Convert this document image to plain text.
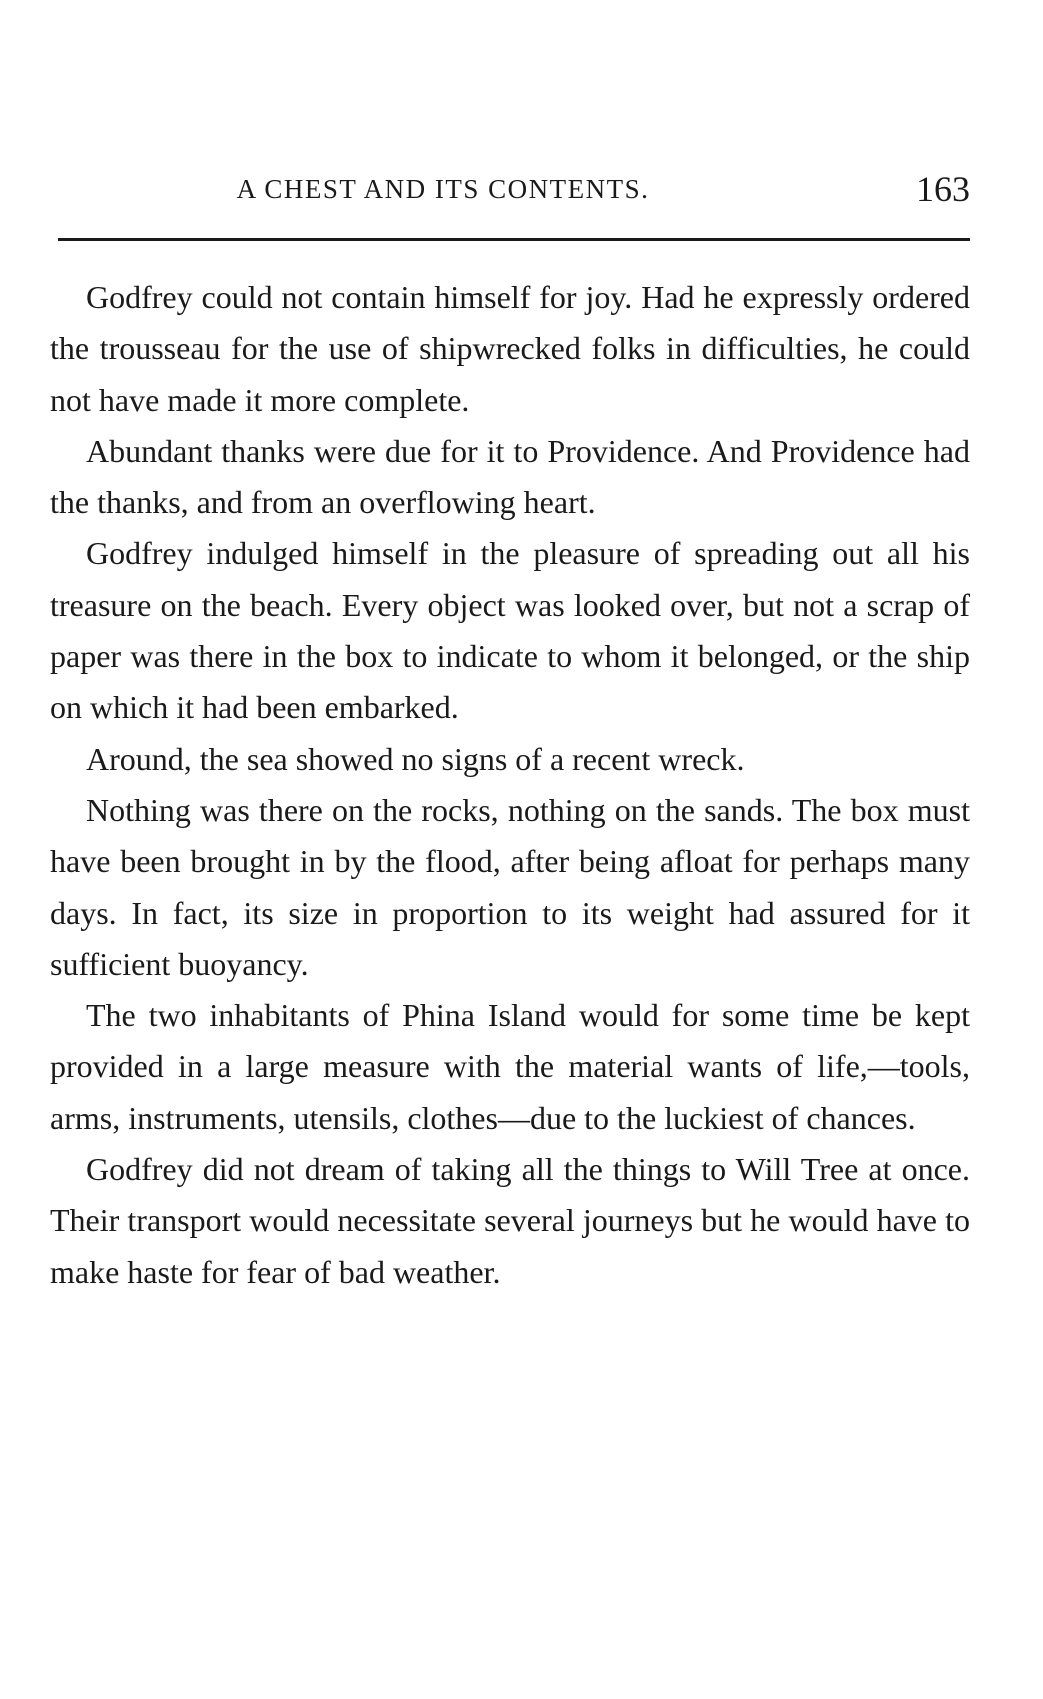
A CHEST AND ITS CONTENTS.	163

Godfrey could not contain himself for joy. Had he expressly ordered the trousseau for the use of shipwrecked folks in difficulties, he could not have made it more complete.

Abundant thanks were due for it to Providence. And Providence had the thanks, and from an overflowing heart.

Godfrey indulged himself in the pleasure of spreading out all his treasure on the beach. Every object was looked over, but not a scrap of paper was there in the box to indicate to whom it belonged, or the ship on which it had been embarked.

Around, the sea showed no signs of a recent wreck.

Nothing was there on the rocks, nothing on the sands. The box must have been brought in by the flood, after being afloat for perhaps many days. In fact, its size in proportion to its weight had assured for it sufficient buoyancy.

The two inhabitants of Phina Island would for some time be kept provided in a large measure with the material wants of life,—tools, arms, instruments, utensils, clothes—due to the luckiest of chances.

Godfrey did not dream of taking all the things to Will Tree at once. Their transport would necessitate several journeys but he would have to make haste for fear of bad weather.
